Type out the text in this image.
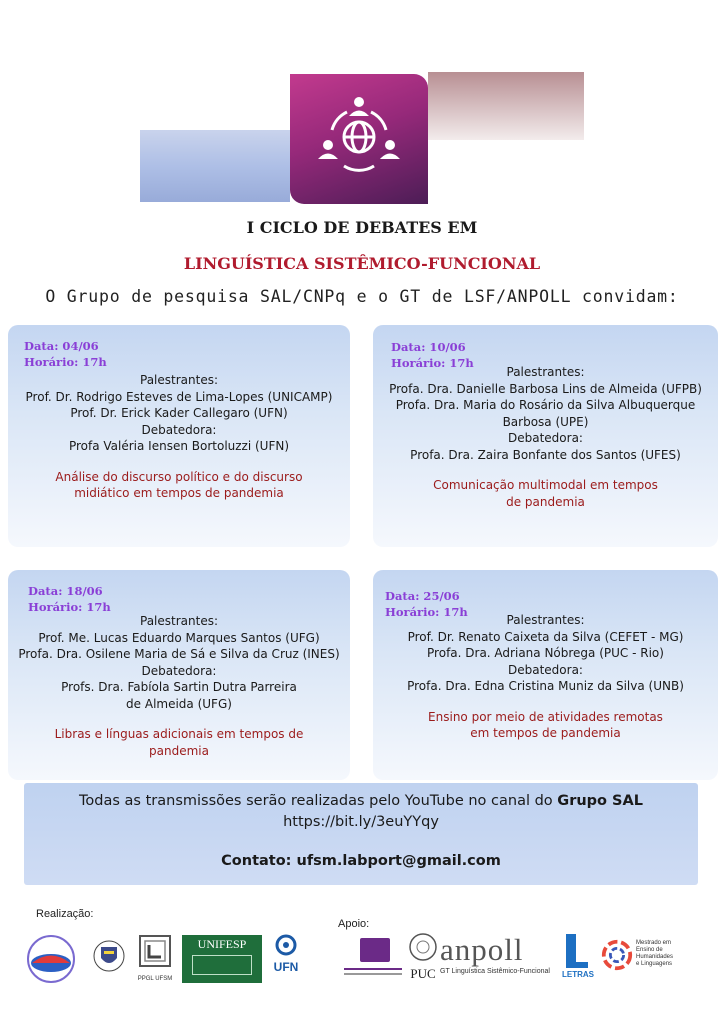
I CICLO DE DEBATES EM
LINGUÍSTICA SISTÊMICO-FUNCIONAL
O Grupo de pesquisa SAL/CNPq e o GT de LSF/ANPOLL convidam:
Data: 04/06
Horário: 17h
Palestrantes:
Prof. Dr. Rodrigo Esteves de Lima-Lopes (UNICAMP)
Prof. Dr. Erick Kader Callegaro (UFN)
Debatedora:
Profa Valéria Iensen Bortoluzzi (UFN)
Análise do discurso político e do discurso
midiático em tempos de pandemia
Data: 10/06
Horário: 17h
Palestrantes:
Profa. Dra. Danielle Barbosa Lins de Almeida (UFPB)
Profa. Dra. Maria do Rosário da Silva Albuquerque
Barbosa (UPE)
Debatedora:
Profa. Dra. Zaira Bonfante dos Santos (UFES)
Comunicação multimodal em tempos
de pandemia
Data: 18/06
Horário: 17h
Palestrantes:
Prof. Me. Lucas Eduardo Marques Santos (UFG)
Profa. Dra. Osilene Maria de Sá e Silva da Cruz (INES)
Debatedora:
Profs. Dra. Fabíola Sartin Dutra Parreira
de Almeida (UFG)
Libras e línguas adicionais em tempos de
pandemia
Data: 25/06
Horário: 17h
Palestrantes:
Prof. Dr. Renato Caixeta da Silva (CEFET - MG)
Profa. Dra. Adriana Nóbrega (PUC - Rio)
Debatedora:
Profa. Dra. Edna Cristina Muniz da Silva (UNB)
Ensino por meio de atividades remotas
em tempos de pandemia
Todas as transmissões serão realizadas pelo YouTube no canal do Grupo SAL
https://bit.ly/3euYYqy
Contato: ufsm.labport@gmail.com
Realização:
Apoio:
PPGL UFSM
UNIFESP
UFN	PUC
anpoll
GT Linguística Sistêmico-Funcional	LETRAS
Mestrado em Ensino de Humanidades e Linguagens
